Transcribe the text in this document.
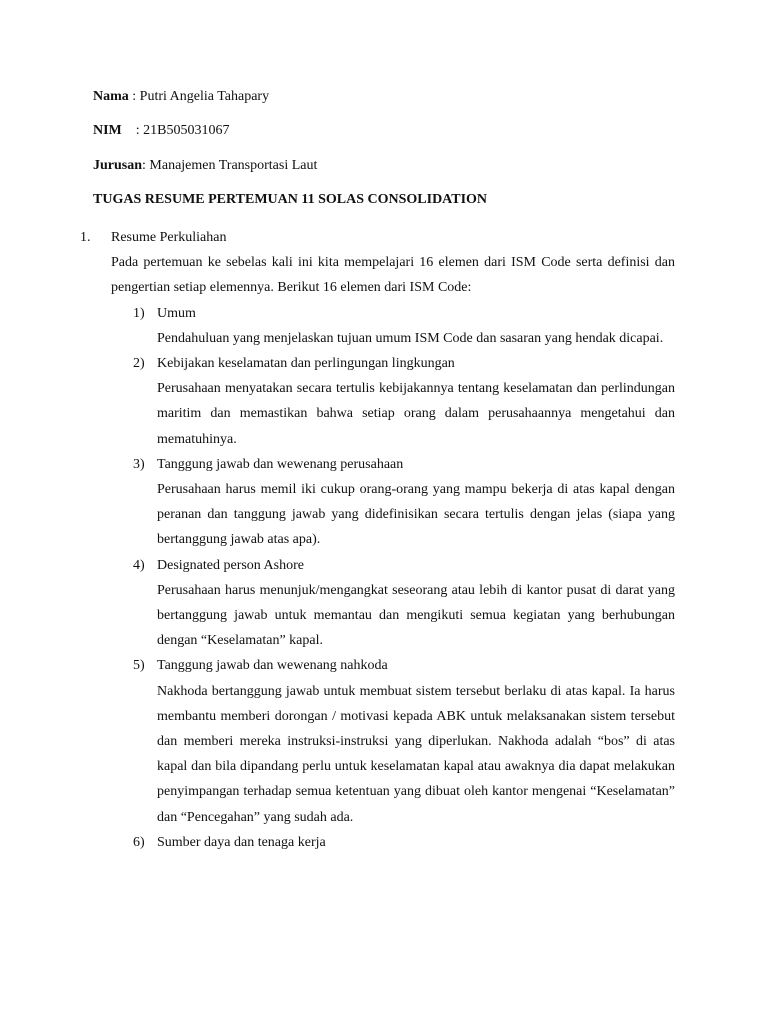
Nama : Putri Angelia Tahapary
NIM    : 21B505031067
Jurusan: Manajemen Transportasi Laut
TUGAS RESUME PERTEMUAN 11 SOLAS CONSOLIDATION
1. Resume Perkuliahan
Pada pertemuan ke sebelas kali ini kita mempelajari 16 elemen dari ISM Code serta definisi dan pengertian setiap elemennya. Berikut 16 elemen dari ISM Code:
1) Umum
Pendahuluan yang menjelaskan tujuan umum ISM Code dan sasaran yang hendak dicapai.
2) Kebijakan keselamatan dan perlingungan lingkungan
Perusahaan menyatakan secara tertulis kebijakannya tentang keselamatan dan perlindungan maritim dan memastikan bahwa setiap orang dalam perusahaannya mengetahui dan mematuhinya.
3) Tanggung jawab dan wewenang perusahaan
Perusahaan harus memil iki cukup orang-orang yang mampu bekerja di atas kapal dengan peranan dan tanggung jawab yang didefinisikan secara tertulis dengan jelas (siapa yang bertanggung jawab atas apa).
4) Designated person Ashore
Perusahaan harus menunjuk/mengangkat seseorang atau lebih di kantor pusat di darat yang bertanggung jawab untuk memantau dan mengikuti semua kegiatan yang berhubungan dengan “Keselamatan” kapal.
5) Tanggung jawab dan wewenang nahkoda
Nakhoda bertanggung jawab untuk membuat sistem tersebut berlaku di atas kapal. Ia harus membantu memberi dorongan / motivasi kepada ABK untuk melaksanakan sistem tersebut dan memberi mereka instruksi-instruksi yang diperlukan. Nakhoda adalah “bos” di atas kapal dan bila dipandang perlu untuk keselamatan kapal atau awaknya dia dapat melakukan penyimpangan terhadap semua ketentuan yang dibuat oleh kantor mengenai “Keselamatan” dan “Pencegahan” yang sudah ada.
6) Sumber daya dan tenaga kerja
